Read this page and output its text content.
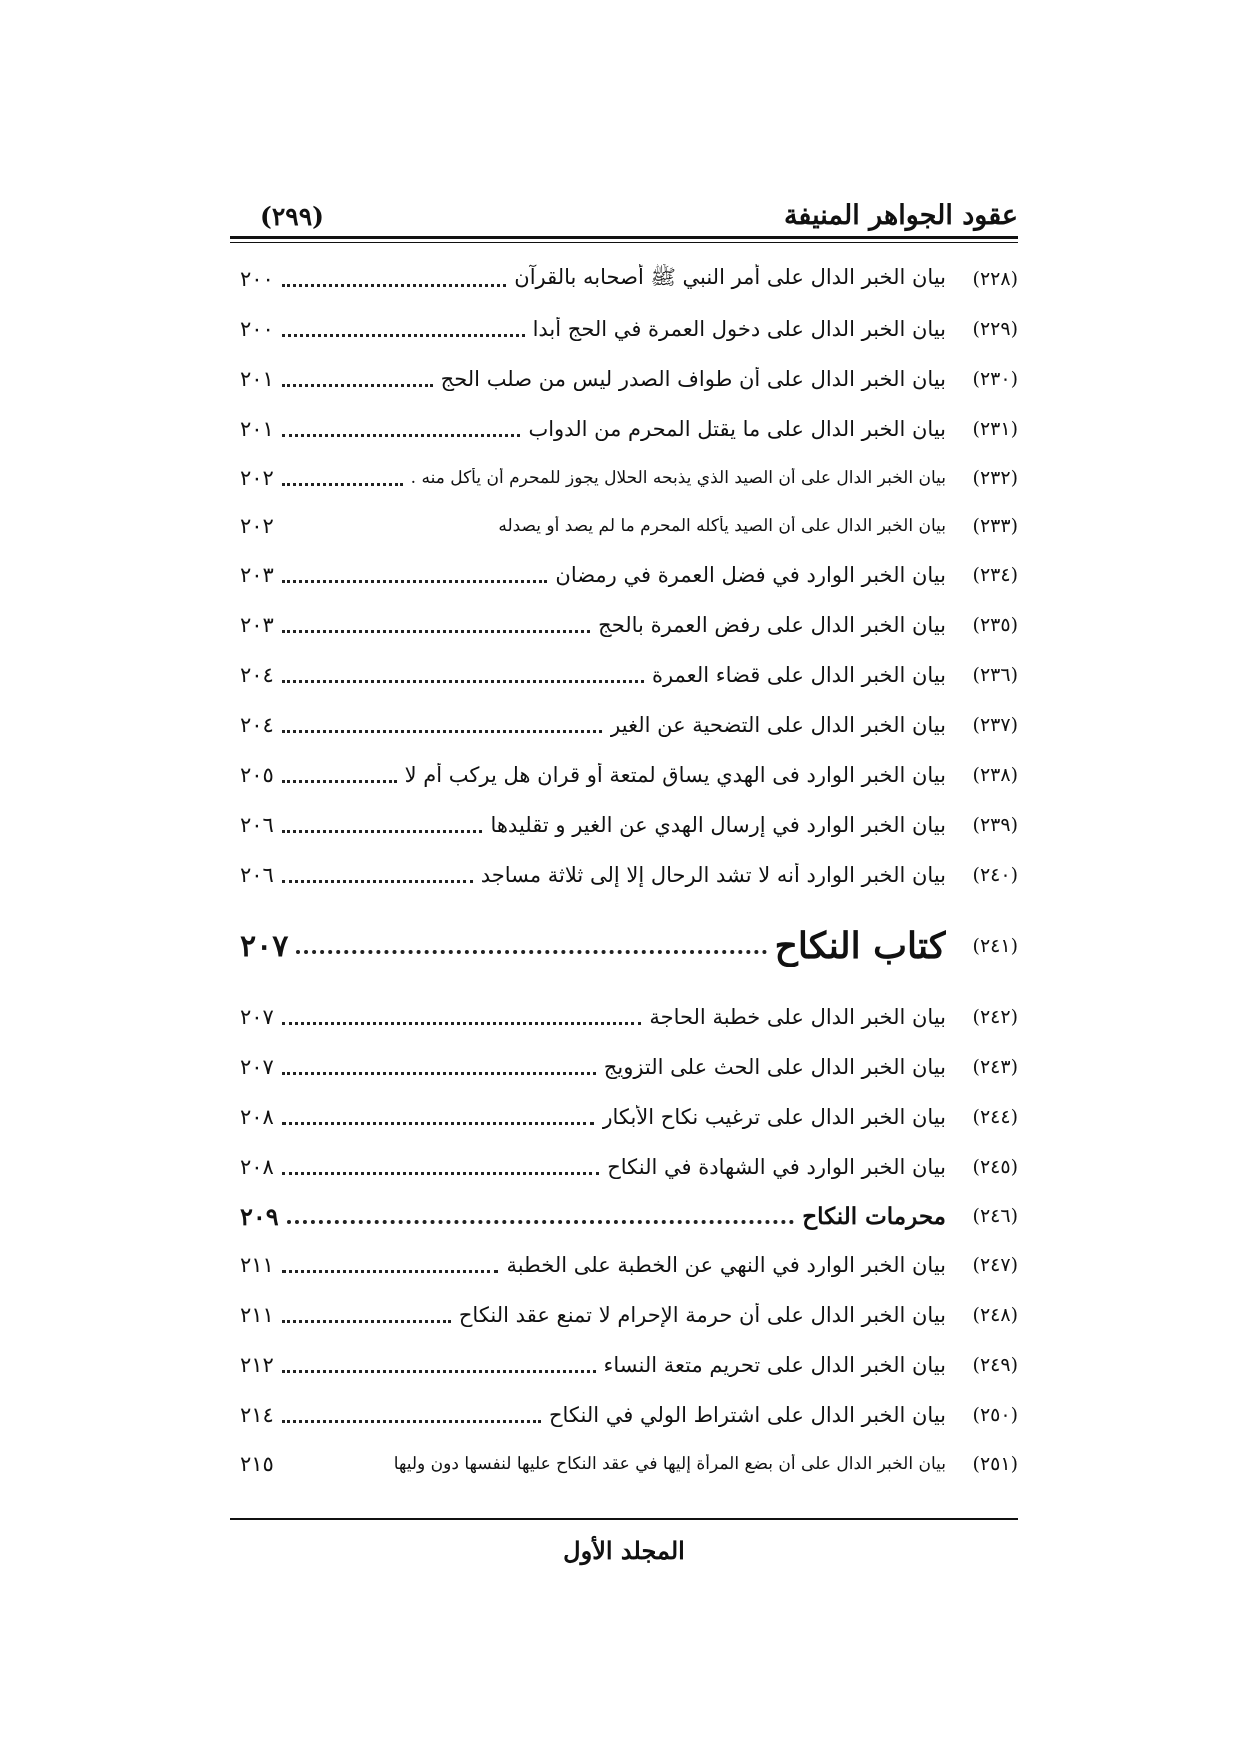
عقود الجواهر المنيفة
(٢٩٩)
(٢٢٨)
بيان الخبر الدال على أمر النبي ﷺ أصحابه بالقرآن
٢٠٠
(٢٢٩)
بيان الخبر الدال على دخول العمرة في الحج أبدا
٢٠٠
(٢٣٠)
بيان الخبر الدال على أن طواف الصدر ليس من صلب الحج
٢٠١
(٢٣١)
بيان الخبر الدال على ما يقتل المحرم من الدواب
٢٠١
(٢٣٢)
بيان الخبر الدال على أن الصيد الذي يذبحه الحلال يجوز للمحرم أن يأكل منه .
٢٠٢
(٢٣٣)
بيان الخبر الدال على أن الصيد يأكله المحرم ما لم يصد أو يصدله
٢٠٢
(٢٣٤)
بيان الخبر الوارد في فضل العمرة في رمضان
٢٠٣
(٢٣٥)
بيان الخبر الدال على رفض العمرة بالحج
٢٠٣
(٢٣٦)
بيان الخبر الدال على قضاء العمرة
٢٠٤
(٢٣٧)
بيان الخبر الدال على التضحية عن الغير
٢٠٤
(٢٣٨)
بيان الخبر الوارد فى الهدي يساق لمتعة أو قران هل يركب أم لا
٢٠٥
(٢٣٩)
بيان الخبر الوارد في إرسال الهدي عن الغير و تقليدها
٢٠٦
(٢٤٠)
بيان الخبر الوارد أنه لا تشد الرحال إلا إلى ثلاثة مساجد
٢٠٦
(٢٤١)
كتاب النكاح
٢٠٧
(٢٤٢)
بيان الخبر الدال على خطبة الحاجة
٢٠٧
(٢٤٣)
بيان الخبر الدال على الحث على التزويج
٢٠٧
(٢٤٤)
بيان الخبر الدال على ترغيب نكاح الأبكار
٢٠٨
(٢٤٥)
بيان الخبر الوارد في الشهادة في النكاح
٢٠٨
(٢٤٦)
محرمات النكاح
٢٠٩
(٢٤٧)
بيان الخبر الوارد في النهي عن الخطبة على الخطبة
٢١١
(٢٤٨)
بيان الخبر الدال على أن حرمة الإحرام لا تمنع عقد النكاح
٢١١
(٢٤٩)
بيان الخبر الدال على تحريم متعة النساء
٢١٢
(٢٥٠)
بيان الخبر الدال على اشتراط الولي في النكاح
٢١٤
(٢٥١)
بيان الخبر الدال على أن بضع المرأة إليها في عقد النكاح عليها لنفسها دون وليها
٢١٥
المجلد الأول
